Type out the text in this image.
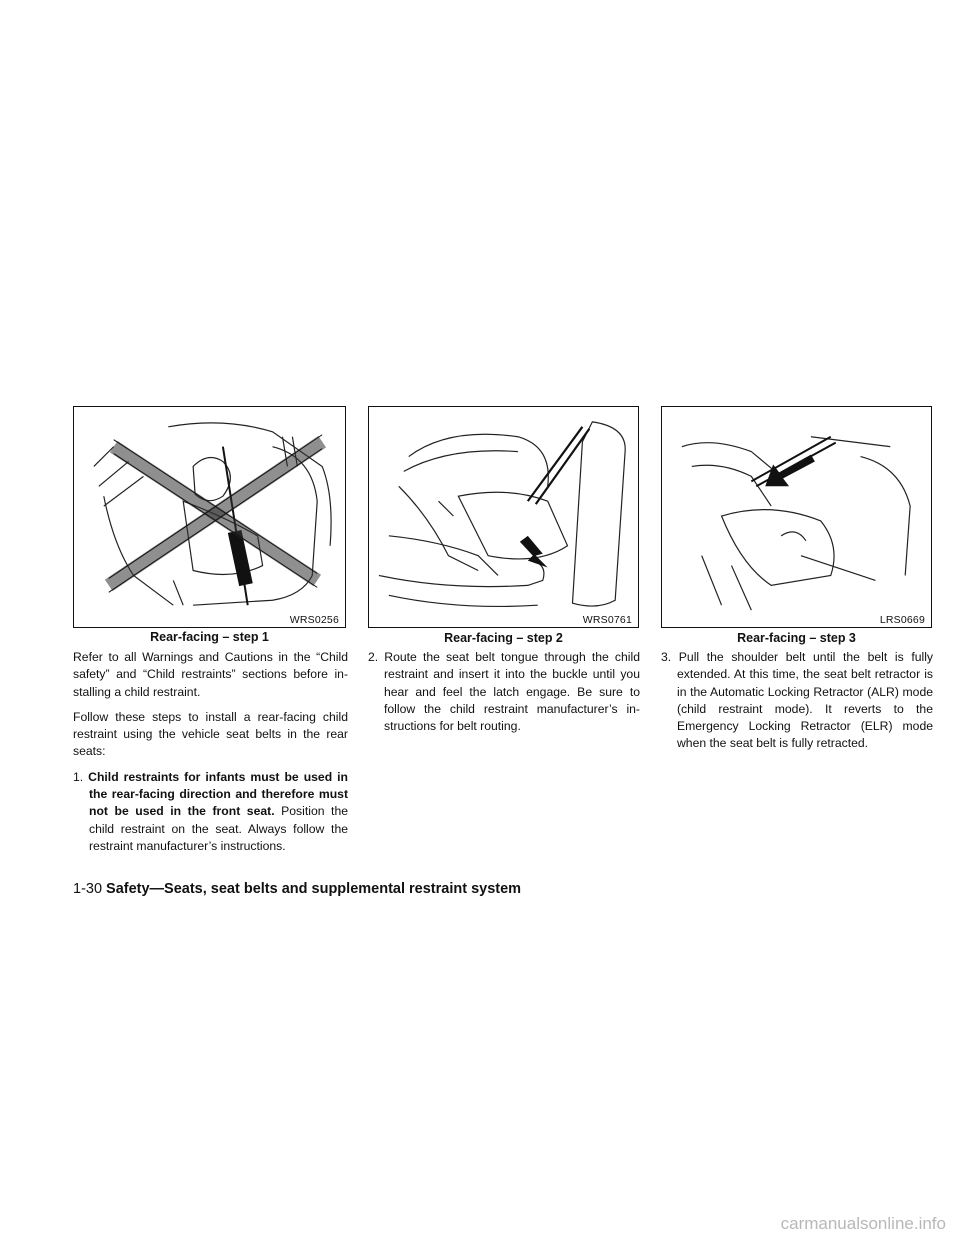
WRS0256	WRS0761	LRS0669
Rear-facing – step 1	Rear-facing – step 2	Rear-facing – step 3

Refer to all Warnings and Cautions in the “Child safety” and “Child restraints” sections before in-stalling a child restraint.

Follow these steps to install a rear-facing child restraint using the vehicle seat belts in the rear seats:

1. Child restraints for infants must be used in the rear-facing direction and therefore must not be used in the front seat. Position the child restraint on the seat. Always follow the restraint manufacturer’s instructions.
2. Route the seat belt tongue through the child restraint and insert it into the buckle until you hear and feel the latch engage. Be sure to follow the child restraint manufacturer’s in-structions for belt routing.
3. Pull the shoulder belt until the belt is fully extended. At this time, the seat belt retractor is in the Automatic Locking Retractor (ALR) mode (child restraint mode). It reverts to the Emergency Locking Retractor (ELR) mode when the seat belt is fully retracted.
1-30 Safety—Seats, seat belts and supplemental restraint system
carmanualsonline.info
